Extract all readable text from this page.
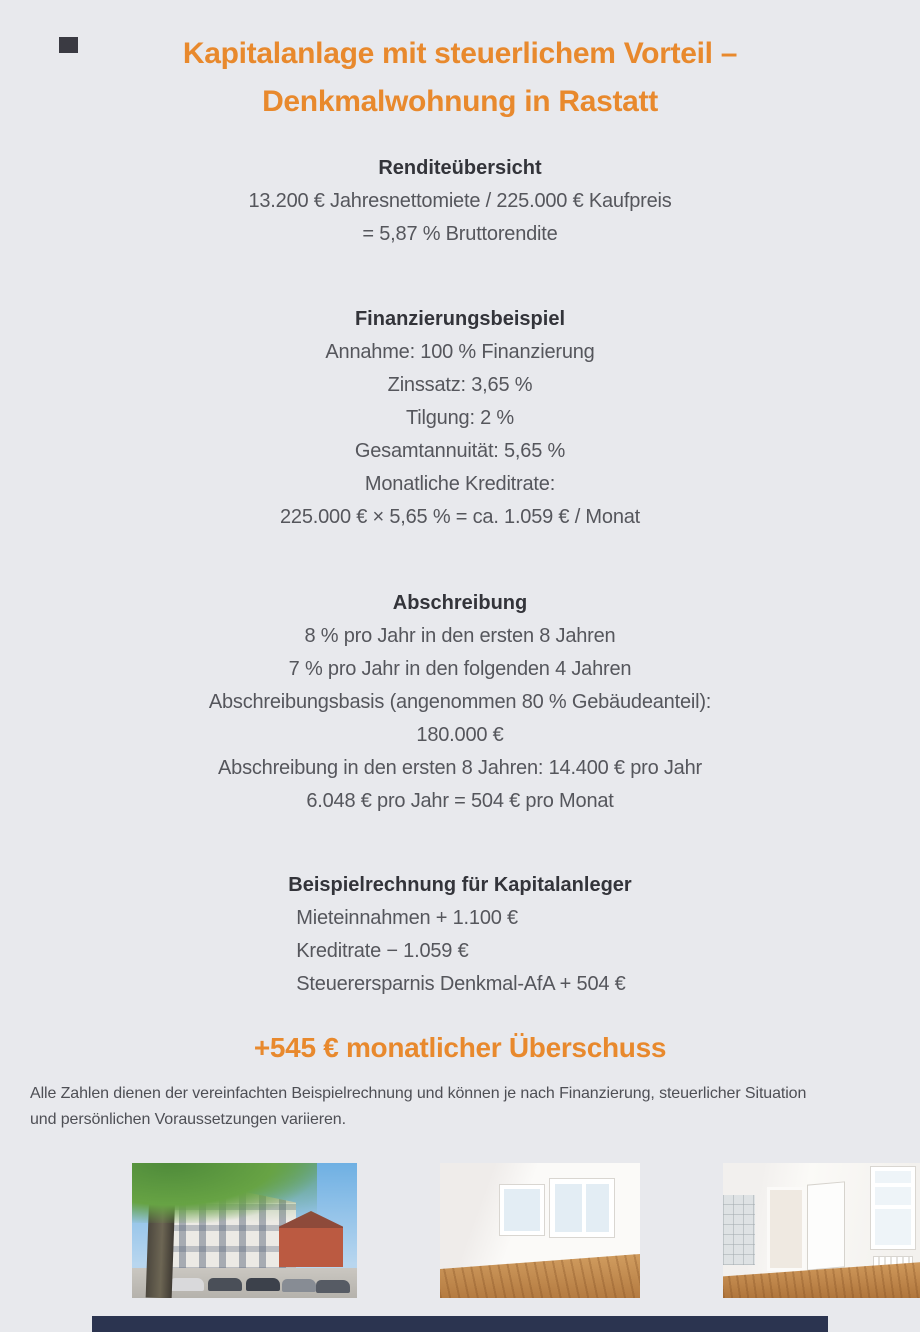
Kapitalanlage mit steuerlichem Vorteil –
Denkmalwohnung in Rastatt
Renditeübersicht
13.200 € Jahresnettomiete / 225.000 € Kaufpreis
= 5,87 % Bruttorendite
Finanzierungsbeispiel
Annahme: 100 % Finanzierung
Zinssatz: 3,65 %
Tilgung: 2 %
Gesamtannuität: 5,65 %
Monatliche Kreditrate:
225.000 € × 5,65 % = ca. 1.059 € / Monat
Abschreibung
8 % pro Jahr in den ersten 8 Jahren
7 % pro Jahr in den folgenden 4 Jahren
Abschreibungsbasis (angenommen 80 % Gebäudeanteil):
180.000 €
Abschreibung in den ersten 8 Jahren: 14.400 € pro Jahr
6.048 € pro Jahr = 504 € pro Monat
Beispielrechnung für Kapitalanleger
Mieteinnahmen + 1.100 €
Kreditrate − 1.059 €
Steuerersparnis Denkmal-AfA + 504 €
+545 € monatlicher Überschuss
Alle Zahlen dienen der vereinfachten Beispielrechnung und können je nach Finanzierung, steuerlicher Situation und persönlichen Voraussetzungen variieren.
